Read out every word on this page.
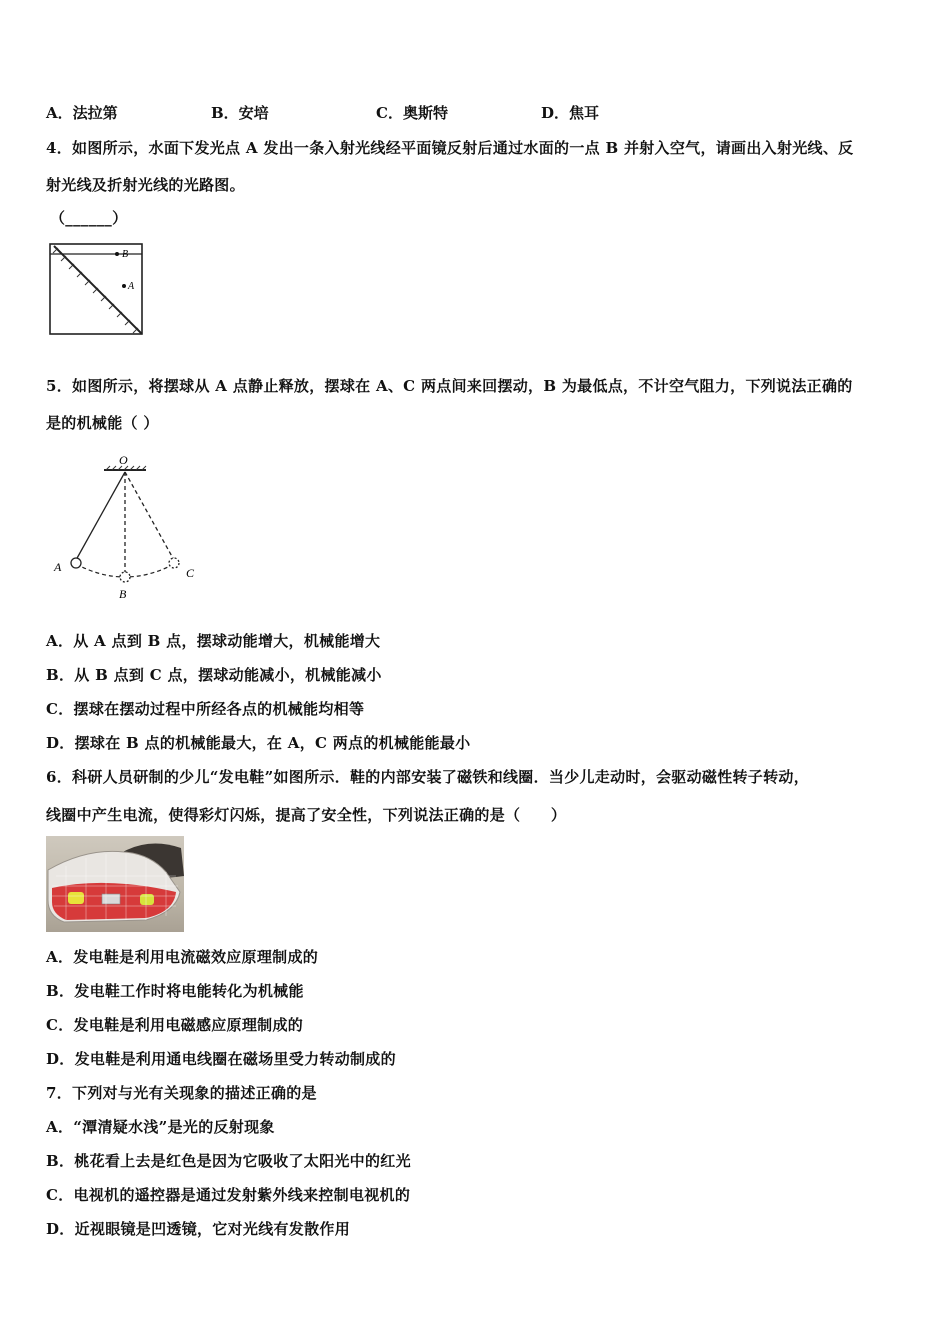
A．法拉第	B．安培	C．奥斯特	D．焦耳
4．如图所示，水面下发光点 A 发出一条入射光线经平面镜反射后通过水面的一点 B 并射入空气，请画出入射光线、反
射光线及折射光线的光路图。
（______）
B
A
5．如图所示，将摆球从 A 点静止释放，摆球在 A、C 两点间来回摆动，B 为最低点，不计空气阻力，下列说法正确的
是的机械能（ ）
O
A
B
C
A．从 A 点到 B 点，摆球动能增大，机械能增大
B．从 B 点到 C 点，摆球动能减小，机械能减小
C．摆球在摆动过程中所经各点的机械能均相等
D．摆球在 B 点的机械能最大，在 A，C 两点的机械能能最小
6．科研人员研制的少儿“发电鞋”如图所示．鞋的内部安装了磁铁和线圈．当少儿走动时，会驱动磁性转子转动，
线圈中产生电流，使得彩灯闪烁，提高了安全性，下列说法正确的是（　　）
A．发电鞋是利用电流磁效应原理制成的
B．发电鞋工作时将电能转化为机械能
C．发电鞋是利用电磁感应原理制成的
D．发电鞋是利用通电线圈在磁场里受力转动制成的
7．下列对与光有关现象的描述正确的是
A．“潭清疑水浅”是光的反射现象
B．桃花看上去是红色是因为它吸收了太阳光中的红光
C．电视机的遥控器是通过发射紫外线来控制电视机的
D．近视眼镜是凹透镜，它对光线有发散作用
